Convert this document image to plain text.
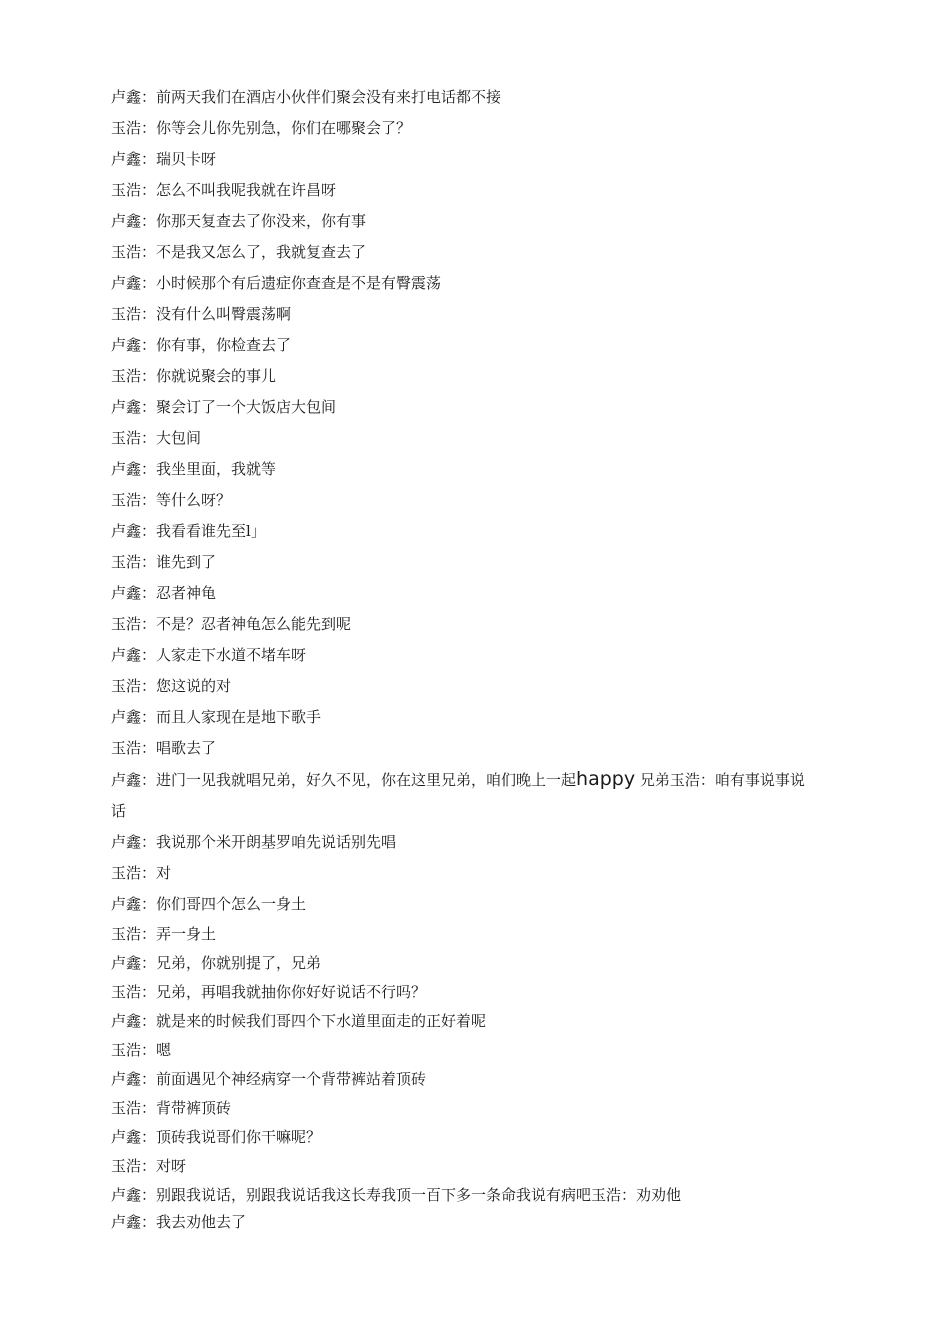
卢鑫：前两天我们在酒店小伙伴们聚会没有来打电话都不接
玉浩：你等会儿你先别急，你们在哪聚会了？
卢鑫：瑞贝卡呀
玉浩：怎么不叫我呢我就在许昌呀
卢鑫：你那天复查去了你没来，你有事
玉浩：不是我又怎么了，我就复查去了
卢鑫：小时候那个有后遗症你查查是不是有臀震荡
玉浩：没有什么叫臀震荡啊
卢鑫：你有事，你检查去了
玉浩：你就说聚会的事儿
卢鑫：聚会订了一个大饭店大包间
玉浩：大包间
卢鑫：我坐里面，我就等
玉浩：等什么呀？
卢鑫：我看看谁先至l」
玉浩：谁先到了
卢鑫：忍者神龟
玉浩：不是？忍者神龟怎么能先到呢
卢鑫：人家走下水道不堵车呀
玉浩：您这说的对
卢鑫：而且人家现在是地下歌手
玉浩：唱歌去了
卢鑫：进门一见我就唱兄弟，好久不见，你在这里兄弟，咱们晚上一起happy 兄弟玉浩：咱有事说事说话
卢鑫：我说那个米开朗基罗咱先说话别先唱
玉浩：对
卢鑫：你们哥四个怎么一身土
玉浩：弄一身土
卢鑫：兄弟，你就别提了，兄弟
玉浩：兄弟，再唱我就抽你你好好说话不行吗？
卢鑫：就是来的时候我们哥四个下水道里面走的正好着呢
玉浩：嗯
卢鑫：前面遇见个神经病穿一个背带裤站着顶砖
玉浩：背带裤顶砖
卢鑫：顶砖我说哥们你干嘛呢？
玉浩：对呀
卢鑫：别跟我说话，别跟我说话我这长寿我顶一百下多一条命我说有病吧玉浩：劝劝他
卢鑫：我去劝他去了
